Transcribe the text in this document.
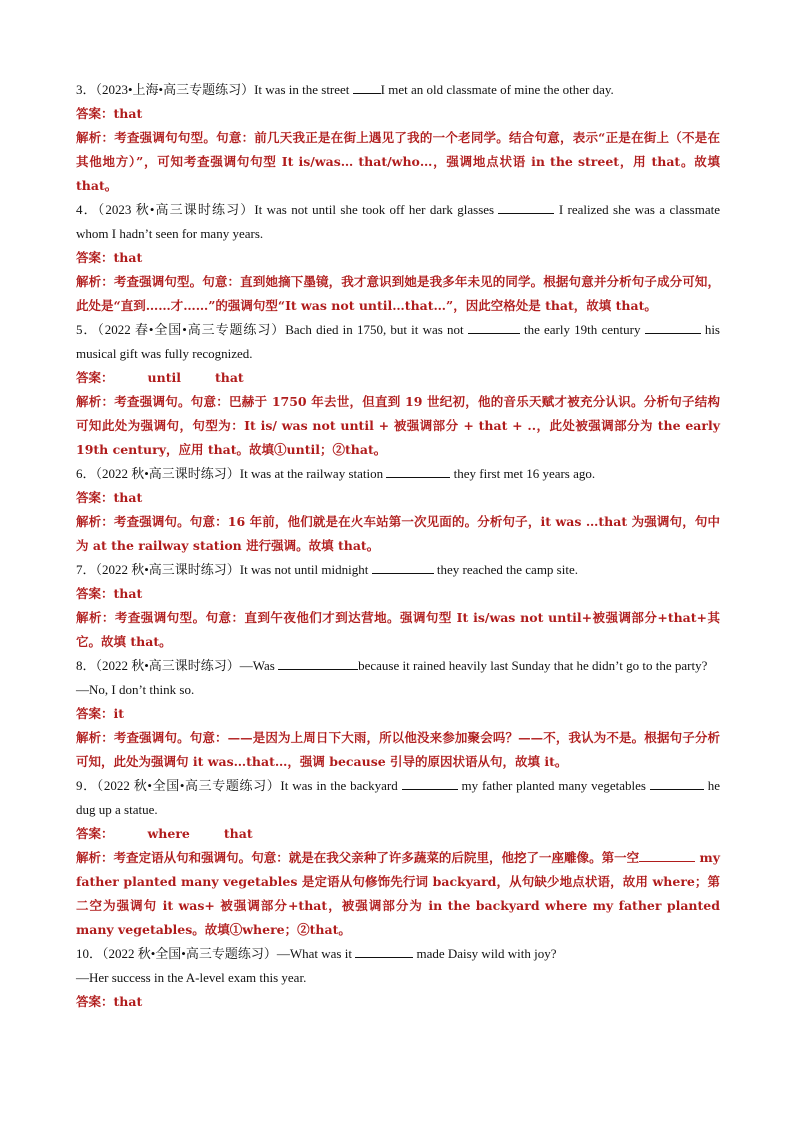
3．（2023•上海•高三专题练习）It was in the street I met an old classmate of mine the other day.

答案：that

解析：考查强调句句型。句意：前几天我正是在街上遇见了我的一个老同学。结合句意，表示“正是在街上（不是在其他地方）”，可知考查强调句句型 It is/was… that/who…，强调地点状语 in the street，用 that。故填 that。

4．（2023 秋•高三课时练习）It was not until she took off her dark glasses	I realized she was a classmate whom I hadn’t seen for many years.

答案：that

解析：考查强调句型。句意：直到她摘下墨镜，我才意识到她是我多年未见的同学。根据句意并分析句子成分可知，此处是“直到……才……”的强调句型“It was not until…that…”，因此空格处是 that，故填 that。

5．（2022 春•全国•高三专题练习）Bach died in 1750, but it was not	the early 19th century	his musical gift was fully recognized.

答案：	until	that

解析：考查强调句。句意：巴赫于 1750 年去世，但直到 19 世纪初，他的音乐天赋才被充分认识。分析句子结构可知此处为强调句，句型为：It is/ was not until + 被强调部分 + that + ..，此处被强调部分为 the early 19th century，应用 that。故填①until；②that。

6．（2022 秋•高三课时练习）It was at the railway station	they first met 16 years ago.

答案：that

解析：考查强调句。句意：16 年前，他们就是在火车站第一次见面的。分析句子，it was …that 为强调句，句中为 at the railway station 进行强调。故填 that。

7．（2022 秋•高三课时练习）It was not until midnight	they reached the camp site.

答案：that

解析：考查强调句型。句意：直到午夜他们才到达营地。强调句型 It is/was not until+被强调部分+that+其它。故填 that。

8．（2022 秋•高三课时练习）—Was	because it rained heavily last Sunday that he didn’t go to the party?

—No, I don’t think so.

答案：it

解析：考查强调句。句意：——是因为上周日下大雨，所以他没来参加聚会吗？——不，我认为不是。根据句子分析可知，此处为强调句 it was…that…，强调 because 引导的原因状语从句，故填 it。

9．（2022 秋•全国•高三专题练习）It was in the backyard	my father planted many vegetables	he dug up a statue.

答案：	where	that

解析：考查定语从句和强调句。句意：就是在我父亲种了许多蔬菜的后院里，他挖了一座雕像。第一空	my father planted many vegetables 是定语从句修饰先行词 backyard，从句缺少地点状语，故用 where；第二空为强调句 it was+ 被强调部分+that，被强调部分为 in the backyard where my father planted many vegetables。故填①where；②that。

10．（2022 秋•全国•高三专题练习）—What was it	made Daisy wild with joy?

—Her success in the A-level exam this year.

答案：that
